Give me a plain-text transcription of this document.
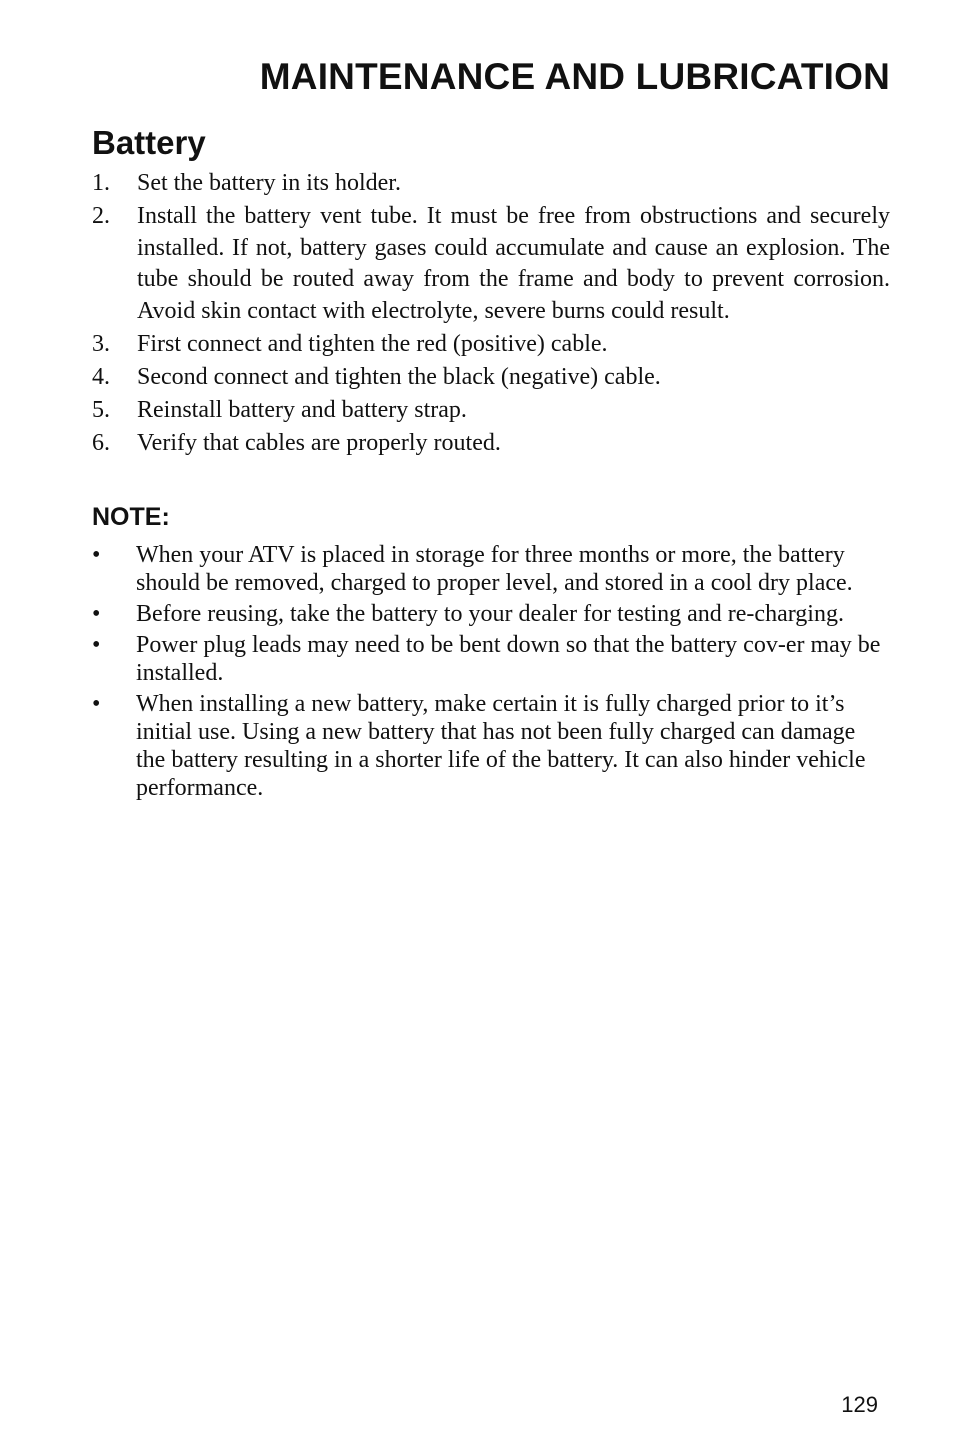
MAINTENANCE AND LUBRICATION
Battery
1. Set the battery in its holder.
2. Install the battery vent tube. It must be free from obstructions and securely installed. If not, battery gases could accumulate and cause an explosion. The tube should be routed away from the frame and body to prevent corrosion. Avoid skin contact with electrolyte, severe burns could result.
3. First connect and tighten the red (positive) cable.
4. Second connect and tighten the black (negative) cable.
5. Reinstall battery and battery strap.
6. Verify that cables are properly routed.
NOTE:
• When your ATV is placed in storage for three months or more, the battery should be removed, charged to proper level, and stored in a cool dry place.
• Before reusing, take the battery to your dealer for testing and re-charging.
• Power plug leads may need to be bent down so that the battery cov-er may be installed.
• When installing a new battery, make certain it is fully charged prior to it’s initial use. Using a new battery that has not been fully charged can damage the battery resulting in a shorter life of the battery. It can also hinder vehicle performance.
129
